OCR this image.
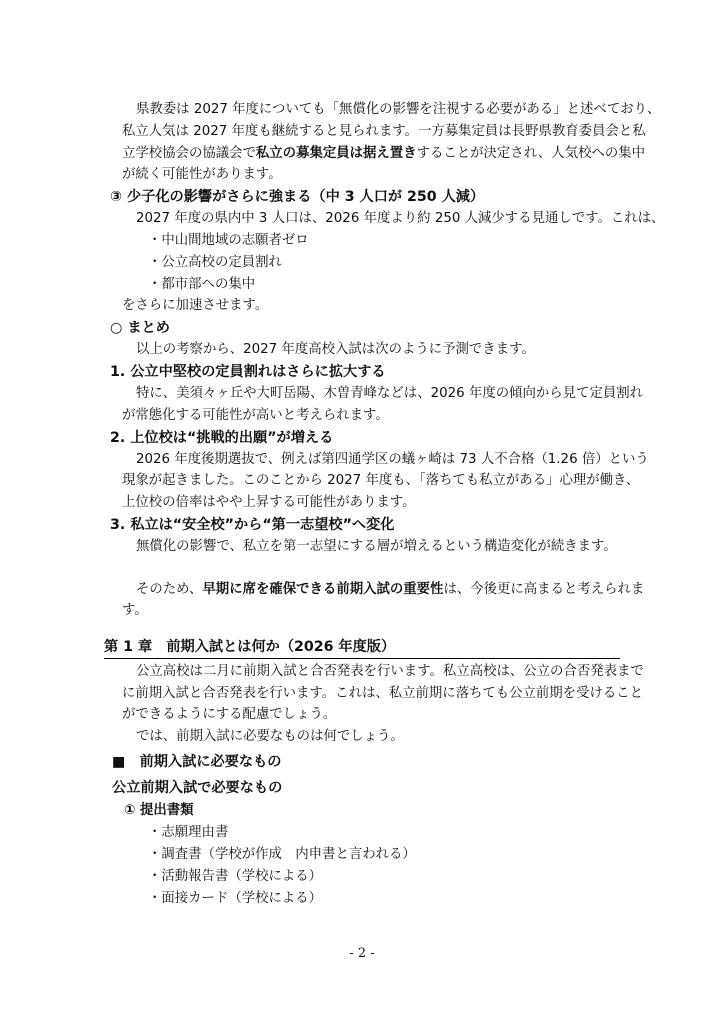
県教委は 2027 年度についても「無償化の影響を注視する必要がある」と述べており、
私立人気は 2027 年度も継続すると見られます。一方募集定員は長野県教育委員会と私
立学校協会の協議会で私立の募集定員は据え置きすることが決定され、人気校への集中
が続く可能性があります。
③ 少子化の影響がさらに強まる（中 3 人口が 250 人減）
2027 年度の県内中 3 人口は、2026 年度より約 250 人減少する見通しです。これは、
・中山間地域の志願者ゼロ
・公立高校の定員割れ
・都市部への集中
をさらに加速させます。
○ まとめ
以上の考察から、2027 年度高校入試は次のように予測できます。
1. 公立中堅校の定員割れはさらに拡大する
特に、美須々ヶ丘や大町岳陽、木曽青峰などは、2026 年度の傾向から見て定員割れ
が常態化する可能性が高いと考えられます。
2. 上位校は“挑戦的出願”が増える
2026 年度後期選抜で、例えば第四通学区の蟻ヶ崎は 73 人不合格（1.26 倍）という
現象が起きました。このことから 2027 年度も、「落ちても私立がある」心理が働き、
上位校の倍率はやや上昇する可能性があります。
3. 私立は“安全校”から“第一志望校”へ変化
無償化の影響で、私立を第一志望にする層が増えるという構造変化が続きます。
そのため、早期に席を確保できる前期入試の重要性は、今後更に高まると考えられま
す。
第 1 章　前期入試とは何か（2026 年度版）
公立高校は二月に前期入試と合否発表を行います。私立高校は、公立の合否発表まで
に前期入試と合否発表を行います。これは、私立前期に落ちても公立前期を受けること
ができるようにする配慮でしょう。
では、前期入試に必要なものは何でしょう。
■　前期入試に必要なもの
公立前期入試で必要なもの
① 提出書類
・志願理由書
・調査書（学校が作成　内申書と言われる）
・活動報告書（学校による）
・面接カード（学校による）
- 2 -
